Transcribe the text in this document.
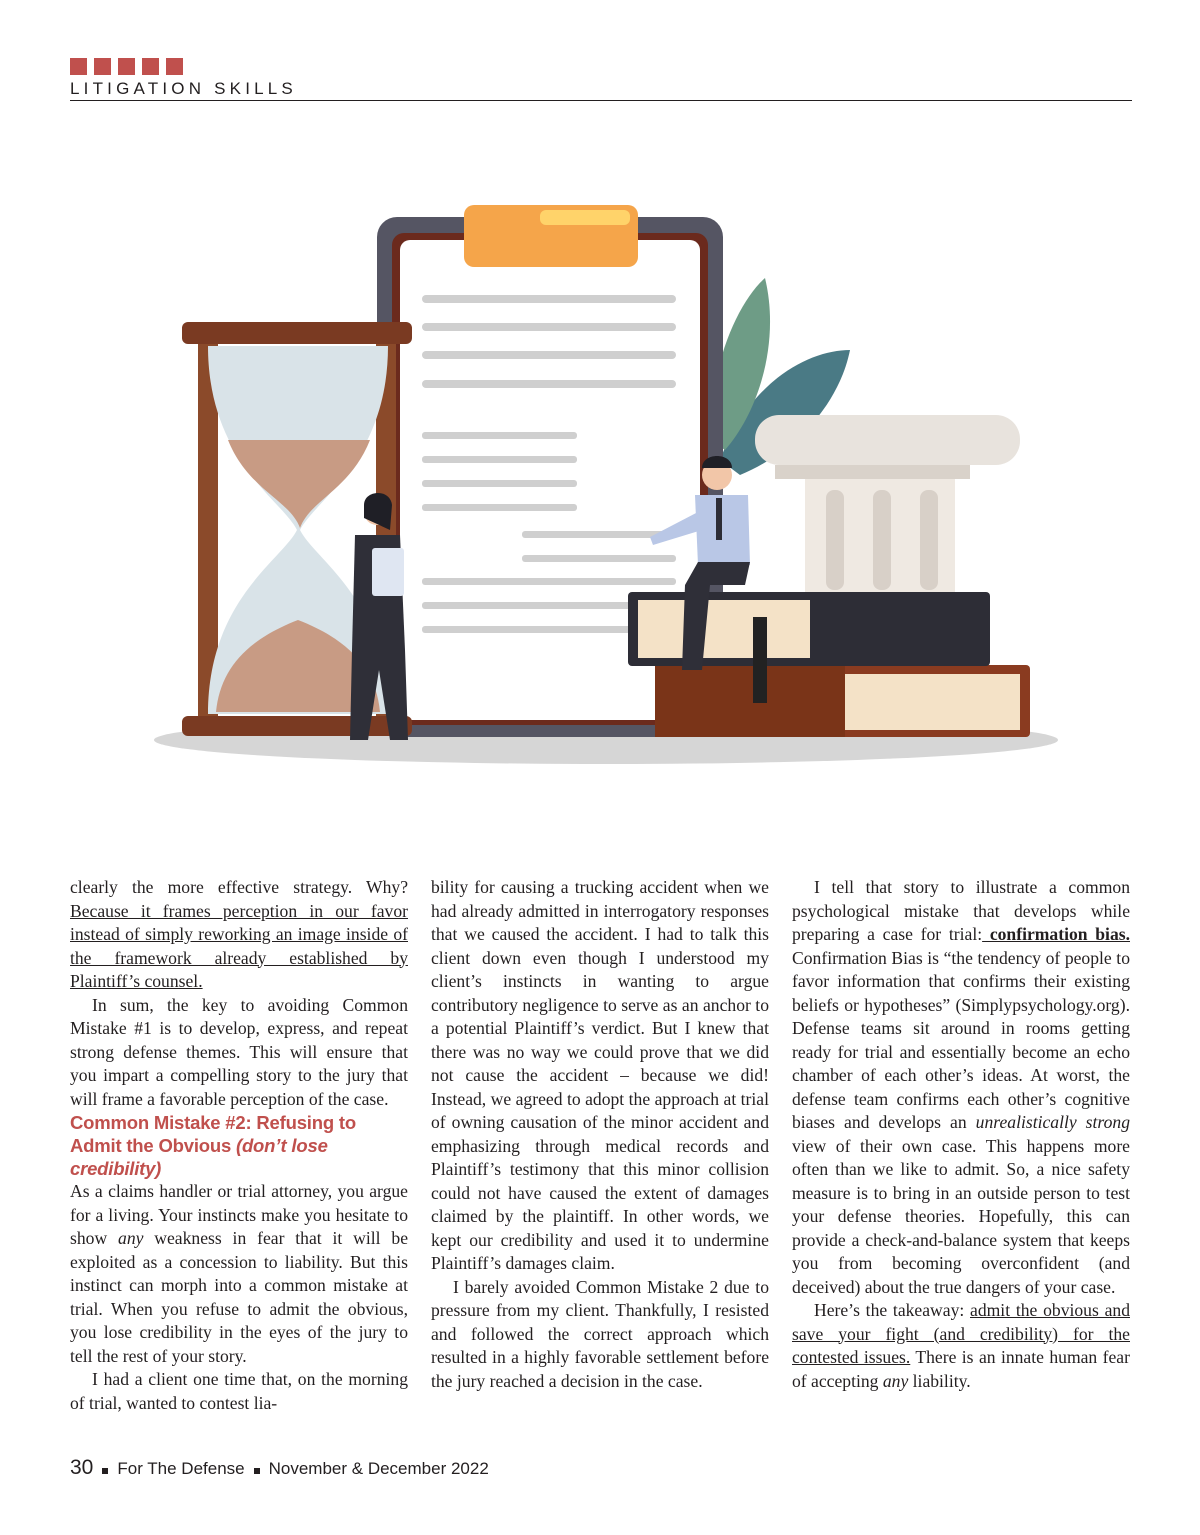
LITIGATION SKILLS

clearly the more effective strategy. Why? Because it frames perception in our favor instead of simply reworking an image inside of the framework already established by Plaintiff’s counsel.

In sum, the key to avoiding Common Mistake #1 is to develop, express, and repeat strong defense themes. This will ensure that you impart a compelling story to the jury that will frame a favorable perception of the case.

Common Mistake #2: Refusing to Admit the Obvious (don’t lose credibility)

As a claims handler or trial attorney, you argue for a living. Your instincts make you hesitate to show any weakness in fear that it will be exploited as a concession to liability. But this instinct can morph into a common mistake at trial. When you refuse to admit the obvious, you lose credibility in the eyes of the jury to tell the rest of your story.

I had a client one time that, on the morning of trial, wanted to contest lia-

bility for causing a trucking accident when we had already admitted in interrogatory responses that we caused the accident. I had to talk this client down even though I understood my client’s instincts in wanting to argue contributory negligence to serve as an anchor to a potential Plaintiff’s verdict. But I knew that there was no way we could prove that we did not cause the accident – because we did! Instead, we agreed to adopt the approach at trial of owning causation of the minor accident and emphasizing through medical records and Plaintiff’s testimony that this minor collision could not have caused the extent of damages claimed by the plaintiff. In other words, we kept our credibility and used it to undermine Plaintiff’s damages claim.

I barely avoided Common Mistake 2 due to pressure from my client. Thankfully, I resisted and followed the correct approach which resulted in a highly favorable settlement before the jury reached a decision in the case.

I tell that story to illustrate a common psychological mistake that develops while preparing a case for trial: confirmation bias. Confirmation Bias is “the tendency of people to favor information that confirms their existing beliefs or hypotheses” (Simplypsychology.org). Defense teams sit around in rooms getting ready for trial and essentially become an echo chamber of each other’s ideas. At worst, the defense team confirms each other’s cognitive biases and develops an unrealistically strong view of their own case. This happens more often than we like to admit. So, a nice safety measure is to bring in an outside person to test your defense theories. Hopefully, this can provide a check-and-balance system that keeps you from becoming overconfident (and deceived) about the true dangers of your case.

Here’s the takeaway: admit the obvious and save your fight (and credibility) for the contested issues. There is an innate human fear of accepting any liability.

30 For The Defense November & December 2022
